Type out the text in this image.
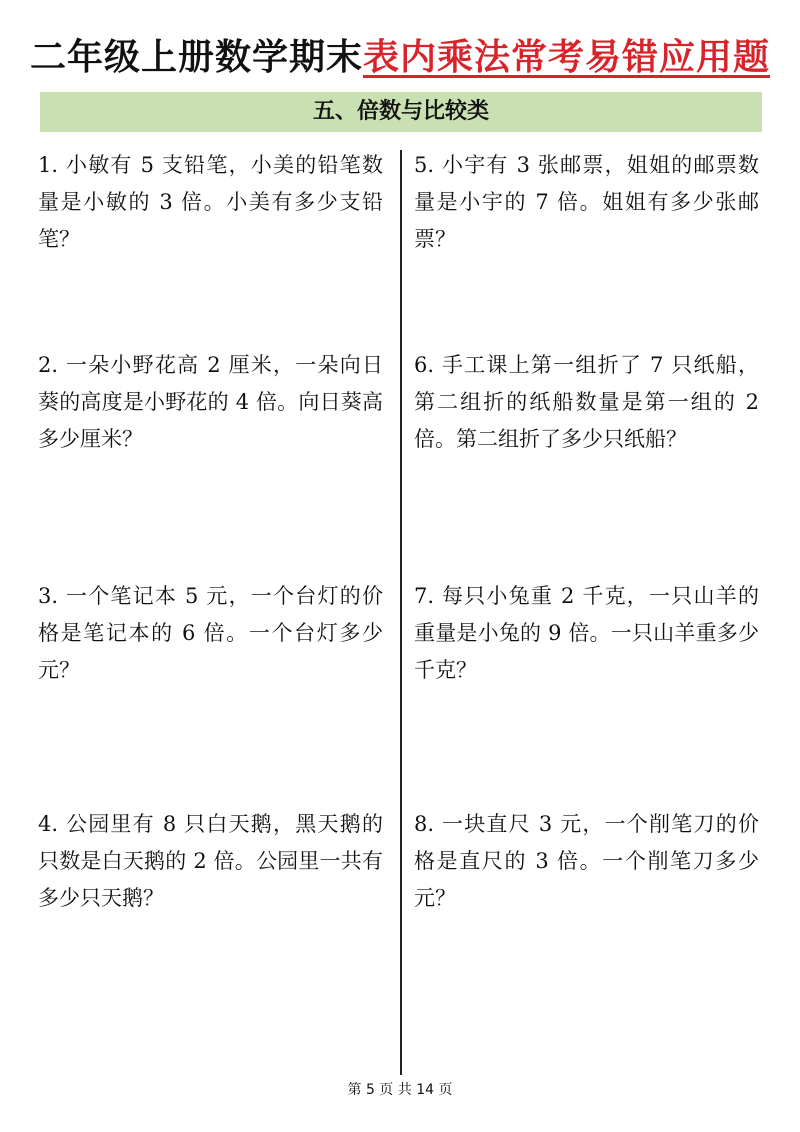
二年级上册数学期末表内乘法常考易错应用题
五、倍数与比较类
1. 小敏有 5 支铅笔，小美的铅笔数量是小敏的 3 倍。小美有多少支铅笔？
5. 小宇有 3 张邮票，姐姐的邮票数量是小宇的 7 倍。姐姐有多少张邮票？
2. 一朵小野花高 2 厘米，一朵向日葵的高度是小野花的 4 倍。向日葵高多少厘米？
6. 手工课上第一组折了 7 只纸船，第二组折的纸船数量是第一组的 2 倍。第二组折了多少只纸船？
3. 一个笔记本 5 元，一个台灯的价格是笔记本的 6 倍。一个台灯多少元？
7. 每只小兔重 2 千克，一只山羊的重量是小兔的 9 倍。一只山羊重多少千克？
4. 公园里有 8 只白天鹅，黑天鹅的只数是白天鹅的 2 倍。公园里一共有多少只天鹅？
8. 一块直尺 3 元，一个削笔刀的价格是直尺的 3 倍。一个削笔刀多少元？
第 5 页 共 14 页
